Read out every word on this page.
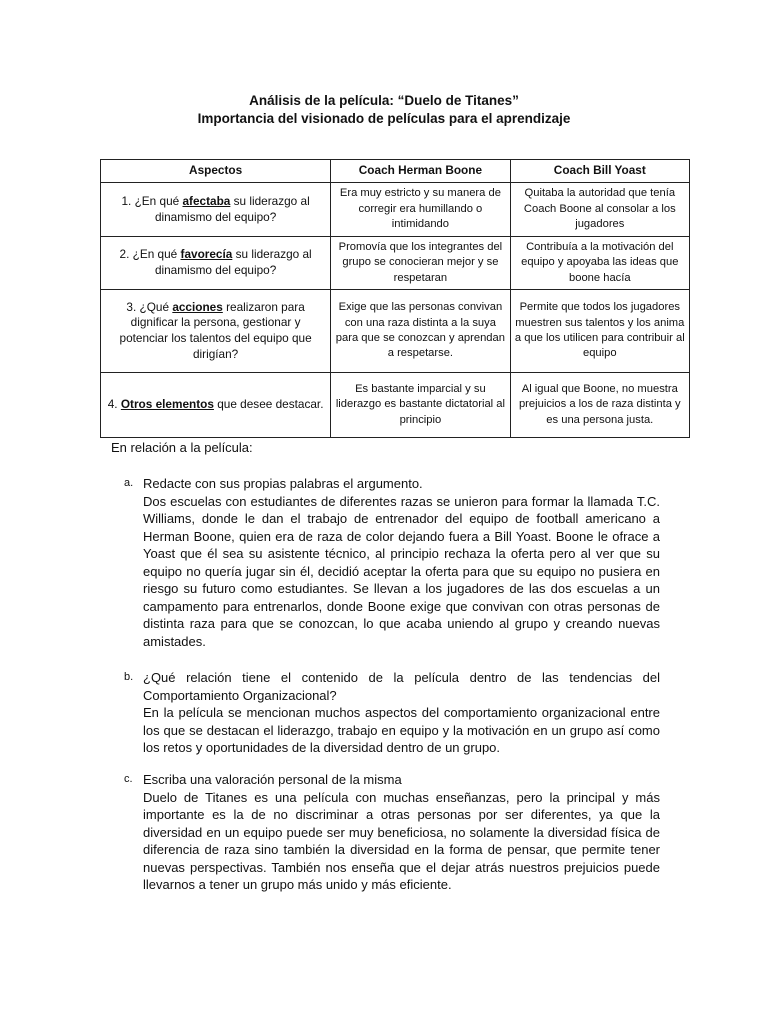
Análisis de la película: “Duelo de Titanes”
Importancia del visionado de películas para el aprendizaje
Aspectos	Coach Herman Boone	Coach Bill Yoast
1. ¿En qué afectaba su liderazgo al dinamismo del equipo?	Era muy estricto y su manera de corregir era humillando o intimidando	Quitaba la autoridad que tenía Coach Boone al consolar a los jugadores
2. ¿En qué favorecía su liderazgo al dinamismo del equipo?	Promovía que los integrantes del grupo se conocieran mejor y se respetaran	Contribuía a la motivación del equipo y apoyaba las ideas que boone hacía
3. ¿Qué acciones realizaron para dignificar la persona, gestionar y potenciar los talentos del equipo que dirigían?	Exige que las personas convivan con una raza distinta a la suya para que se conozcan y aprendan a respetarse.	Permite que todos los jugadores muestren sus talentos y los anima a que los utilicen para contribuir al equipo
4. Otros elementos que desee destacar.	Es bastante imparcial y su liderazgo es bastante dictatorial al principio	Al igual que Boone, no muestra prejuicios a los de raza distinta y es una persona justa.
En relación a la película:
a. Redacte con sus propias palabras el argumento.
Dos escuelas con estudiantes de diferentes razas se unieron para formar la llamada T.C. Williams, donde le dan el trabajo de entrenador del equipo de football americano a Herman Boone, quien era de raza de color dejando fuera a Bill Yoast. Boone le ofrace a Yoast que él sea su asistente técnico, al principio rechaza la oferta pero al ver que su equipo no quería jugar sin él, decidió aceptar la oferta para que su equipo no pusiera en riesgo su futuro como estudiantes. Se llevan a los jugadores de las dos escuelas a un campamento para entrenarlos, donde Boone exige que convivan con otras personas de distinta raza para que se conozcan, lo que acaba uniendo al grupo y creando nuevas amistades.
b. ¿Qué relación tiene el contenido de la película dentro de las tendencias del Comportamiento Organizacional?
En la película se mencionan muchos aspectos del comportamiento organizacional entre los que se destacan el liderazgo, trabajo en equipo y la motivación en un grupo así como los retos y oportunidades de la diversidad dentro de un grupo.
c. Escriba una valoración personal de la misma
Duelo de Titanes es una película con muchas enseñanzas, pero la principal y más importante es la de no discriminar a otras personas por ser diferentes, ya que la diversidad en un equipo puede ser muy beneficiosa, no solamente la diversidad física de diferencia de raza sino también la diversidad en la forma de pensar, que permite tener nuevas perspectivas. También nos enseña que el dejar atrás nuestros prejuicios puede llevarnos a tener un grupo más unido y más eficiente.
